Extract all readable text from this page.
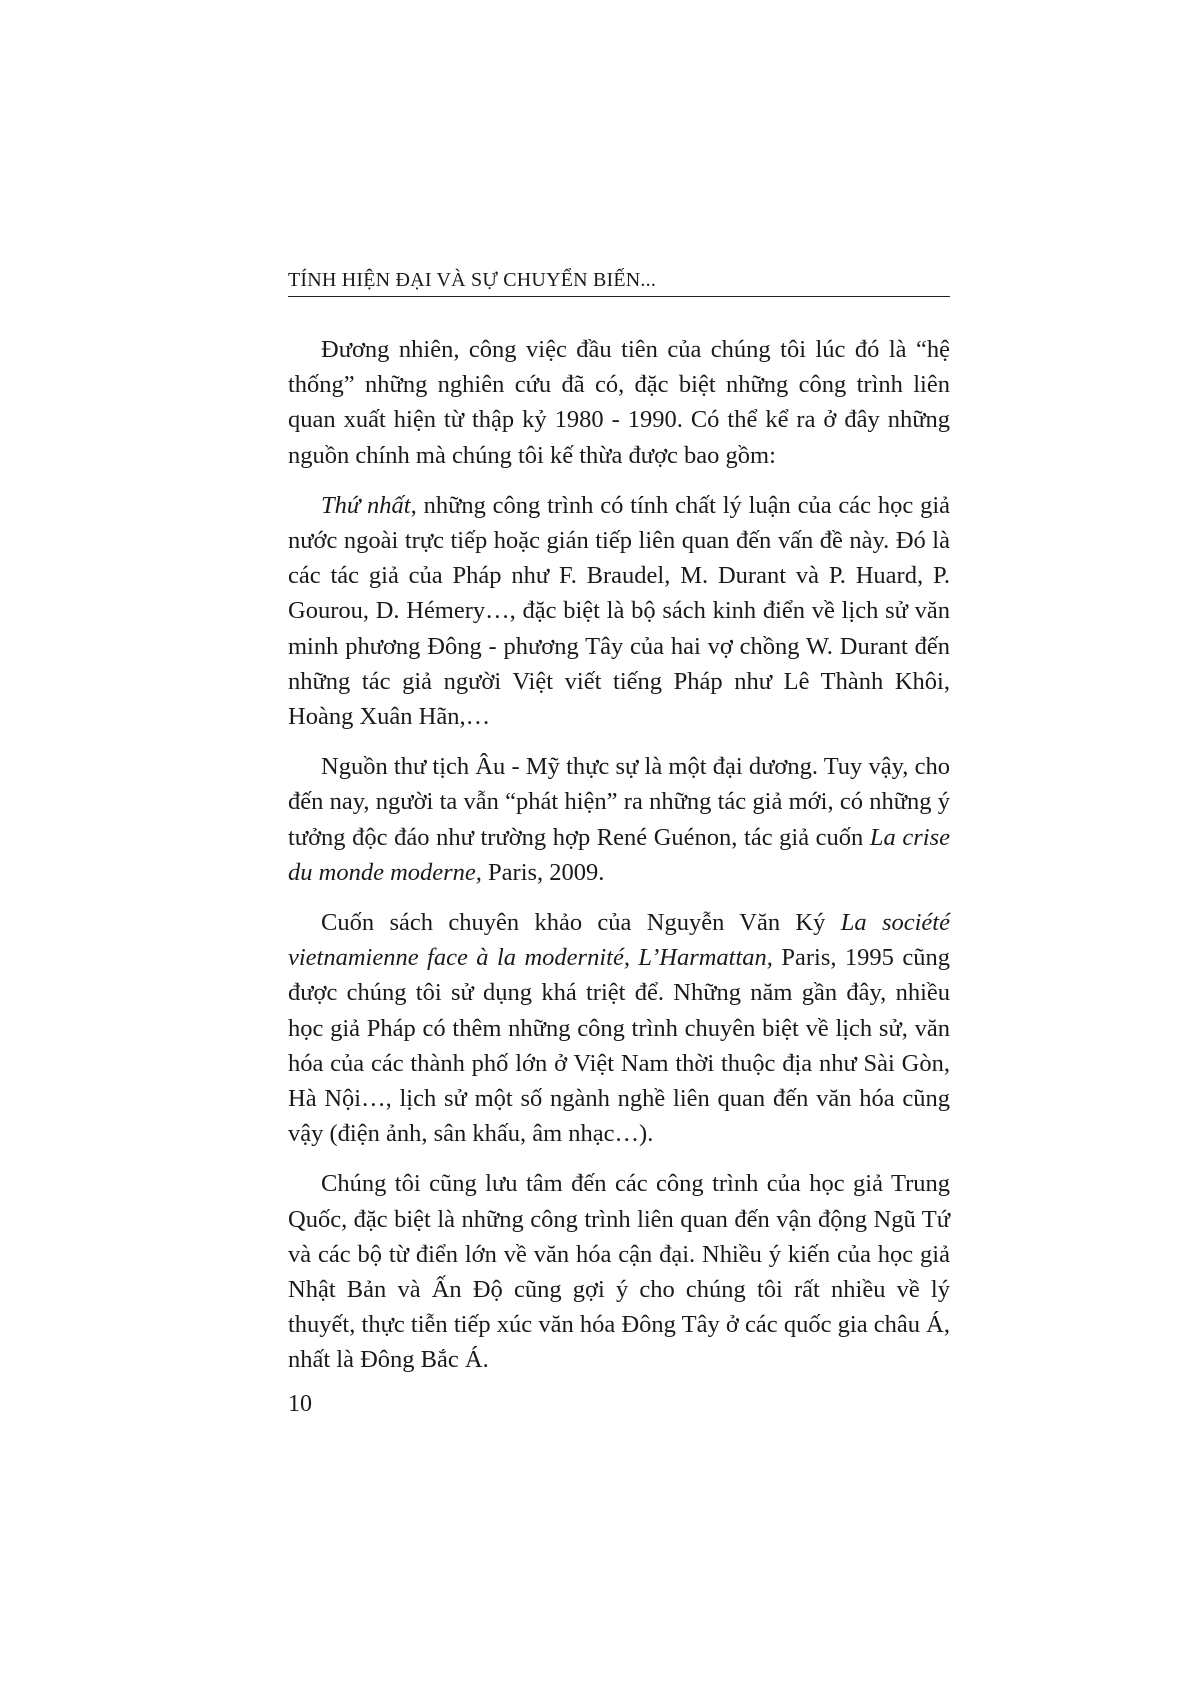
TÍNH HIỆN ĐẠI VÀ SỰ CHUYỂN BIẾN...

Đương nhiên, công việc đầu tiên của chúng tôi lúc đó là “hệ thống” những nghiên cứu đã có, đặc biệt những công trình liên quan xuất hiện từ thập kỷ 1980 - 1990. Có thể kể ra ở đây những nguồn chính mà chúng tôi kế thừa được bao gồm:

Thứ nhất, những công trình có tính chất lý luận của các học giả nước ngoài trực tiếp hoặc gián tiếp liên quan đến vấn đề này. Đó là các tác giả của Pháp như F. Braudel, M. Durant và P. Huard, P. Gourou, D. Hémery…, đặc biệt là bộ sách kinh điển về lịch sử văn minh phương Đông - phương Tây của hai vợ chồng W. Durant đến những tác giả người Việt viết tiếng Pháp như Lê Thành Khôi, Hoàng Xuân Hãn,…

Nguồn thư tịch Âu - Mỹ thực sự là một đại dương. Tuy vậy, cho đến nay, người ta vẫn “phát hiện” ra những tác giả mới, có những ý tưởng độc đáo như trường hợp René Guénon, tác giả cuốn La crise du monde moderne, Paris, 2009.

Cuốn sách chuyên khảo của Nguyễn Văn Ký La société vietnamienne face à la modernité, L’Harmattan, Paris, 1995 cũng được chúng tôi sử dụng khá triệt để. Những năm gần đây, nhiều học giả Pháp có thêm những công trình chuyên biệt về lịch sử, văn hóa của các thành phố lớn ở Việt Nam thời thuộc địa như Sài Gòn, Hà Nội…, lịch sử một số ngành nghề liên quan đến văn hóa cũng vậy (điện ảnh, sân khấu, âm nhạc…).

Chúng tôi cũng lưu tâm đến các công trình của học giả Trung Quốc, đặc biệt là những công trình liên quan đến vận động Ngũ Tứ và các bộ từ điển lớn về văn hóa cận đại. Nhiều ý kiến của học giả Nhật Bản và Ấn Độ cũng gợi ý cho chúng tôi rất nhiều về lý thuyết, thực tiễn tiếp xúc văn hóa Đông Tây ở các quốc gia châu Á, nhất là Đông Bắc Á.

10
